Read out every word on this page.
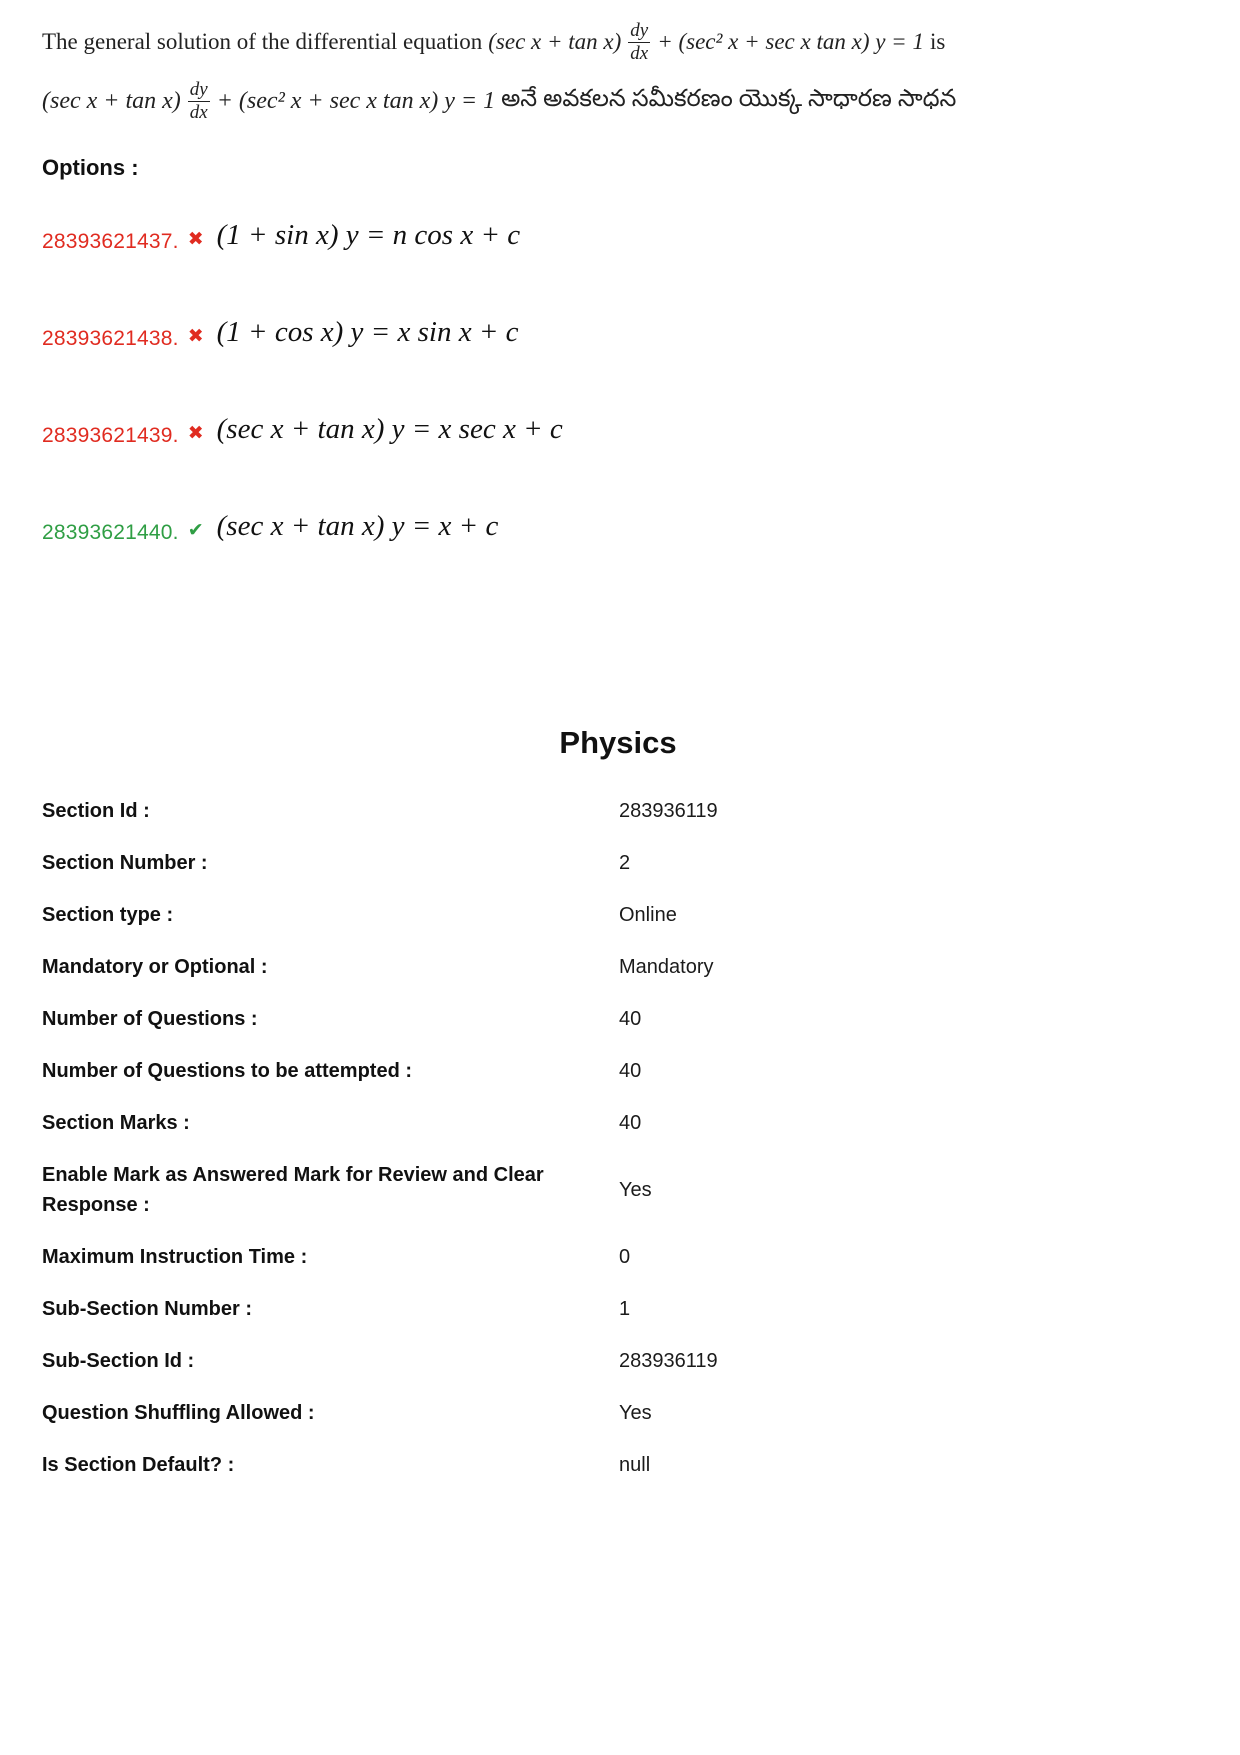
The general solution of the differential equation (sec $x + \tan x) \frac{dy}{dx} + (\sec^2$ x + sec x tan x) y = 1 is

(sec $x + \tan x) \frac{dy}{dx} + (\sec^2$ x + sec x tan x) y = 1 అనే అవకలన సమీకరణం యొక్క సాధారణ సాధన

Options :
28393621437. ✖ (1 + sin x) y = n cos x + c
28393621438. ✖ (1 + cos x) y = x sin x + c
28393621439. ✖ (sec x + tan x) y = x sec x + c
28393621440. ✔ (sec x + tan x) y = x + c
Physics
Section Id :	283936119
Section Number :	2
Section type :	Online
Mandatory or Optional :	Mandatory
Number of Questions :	40
Number of Questions to be attempted :	40
Section Marks :	40
Enable Mark as Answered Mark for Review and Clear Response :
Yes
Maximum Instruction Time :	0
Sub-Section Number :	1
Sub-Section Id :	283936119
Question Shuffling Allowed :	Yes
Is Section Default? :	null
